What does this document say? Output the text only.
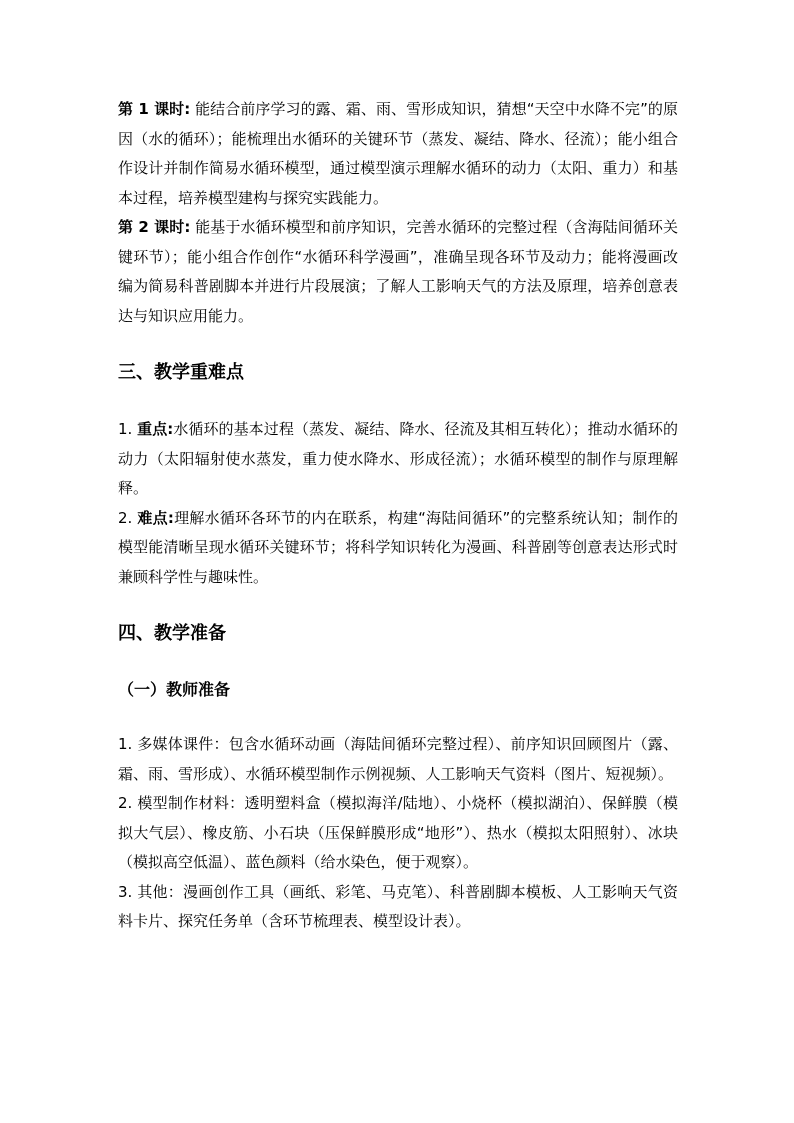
第 1 课时: 能结合前序学习的露、霜、雨、雪形成知识，猜想“天空中水降不完”的原因（水的循环）；能梳理出水循环的关键环节（蒸发、凝结、降水、径流）；能小组合作设计并制作简易水循环模型，通过模型演示理解水循环的动力（太阳、重力）和基本过程，培养模型建构与探究实践能力。

第 2 课时: 能基于水循环模型和前序知识，完善水循环的完整过程（含海陆间循环关键环节）；能小组合作创作“水循环科学漫画”，准确呈现各环节及动力；能将漫画改编为简易科普剧脚本并进行片段展演；了解人工影响天气的方法及原理，培养创意表达与知识应用能力。

三、教学重难点

1. 重点:水循环的基本过程（蒸发、凝结、降水、径流及其相互转化）；推动水循环的动力（太阳辐射使水蒸发，重力使水降水、形成径流）；水循环模型的制作与原理解释。

2. 难点:理解水循环各环节的内在联系，构建“海陆间循环”的完整系统认知；制作的模型能清晰呈现水循环关键环节；将科学知识转化为漫画、科普剧等创意表达形式时兼顾科学性与趣味性。

四、教学准备
（一）教师准备

1. 多媒体课件：包含水循环动画（海陆间循环完整过程）、前序知识回顾图片（露、霜、雨、雪形成）、水循环模型制作示例视频、人工影响天气资料（图片、短视频）。

2. 模型制作材料：透明塑料盒（模拟海洋/陆地）、小烧杯（模拟湖泊）、保鲜膜（模拟大气层）、橡皮筋、小石块（压保鲜膜形成“地形”）、热水（模拟太阳照射）、冰块（模拟高空低温）、蓝色颜料（给水染色，便于观察）。

3. 其他：漫画创作工具（画纸、彩笔、马克笔）、科普剧脚本模板、人工影响天气资料卡片、探究任务单（含环节梳理表、模型设计表）。
